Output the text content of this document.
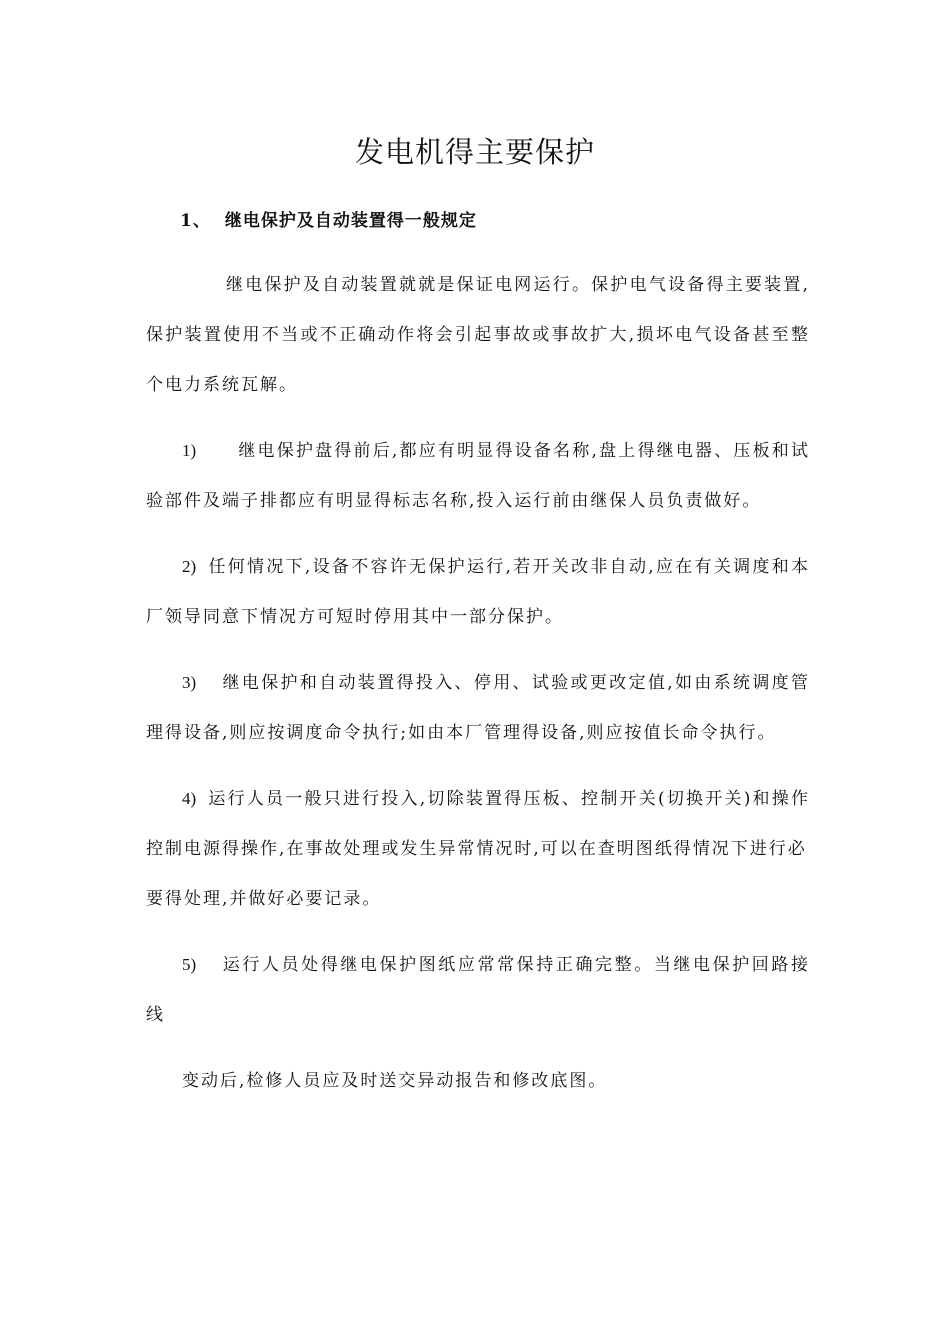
发电机得主要保护
1、 继电保护及自动装置得一般规定
继电保护及自动装置就就是保证电网运行。保护电气设备得主要装置,
保护装置使用不当或不正确动作将会引起事故或事故扩大,损坏电气设备甚至整
个电力系统瓦解。
1) 继电保护盘得前后,都应有明显得设备名称,盘上得继电器、压板和试
验部件及端子排都应有明显得标志名称,投入运行前由继保人员负责做好。
2) 任何情况下,设备不容许无保护运行,若开关改非自动,应在有关调度和本
厂领导同意下情况方可短时停用其中一部分保护。
3) 继电保护和自动装置得投入、停用、试验或更改定值,如由系统调度管
理得设备,则应按调度命令执行;如由本厂管理得设备,则应按值长命令执行。
4) 运行人员一般只进行投入,切除装置得压板、控制开关(切换开关)和操作
控制电源得操作,在事故处理或发生异常情况时,可以在查明图纸得情况下进行必
要得处理,并做好必要记录。
5) 运行人员处得继电保护图纸应常常保持正确完整。当继电保护回路接
线
变动后,检修人员应及时送交异动报告和修改底图。
